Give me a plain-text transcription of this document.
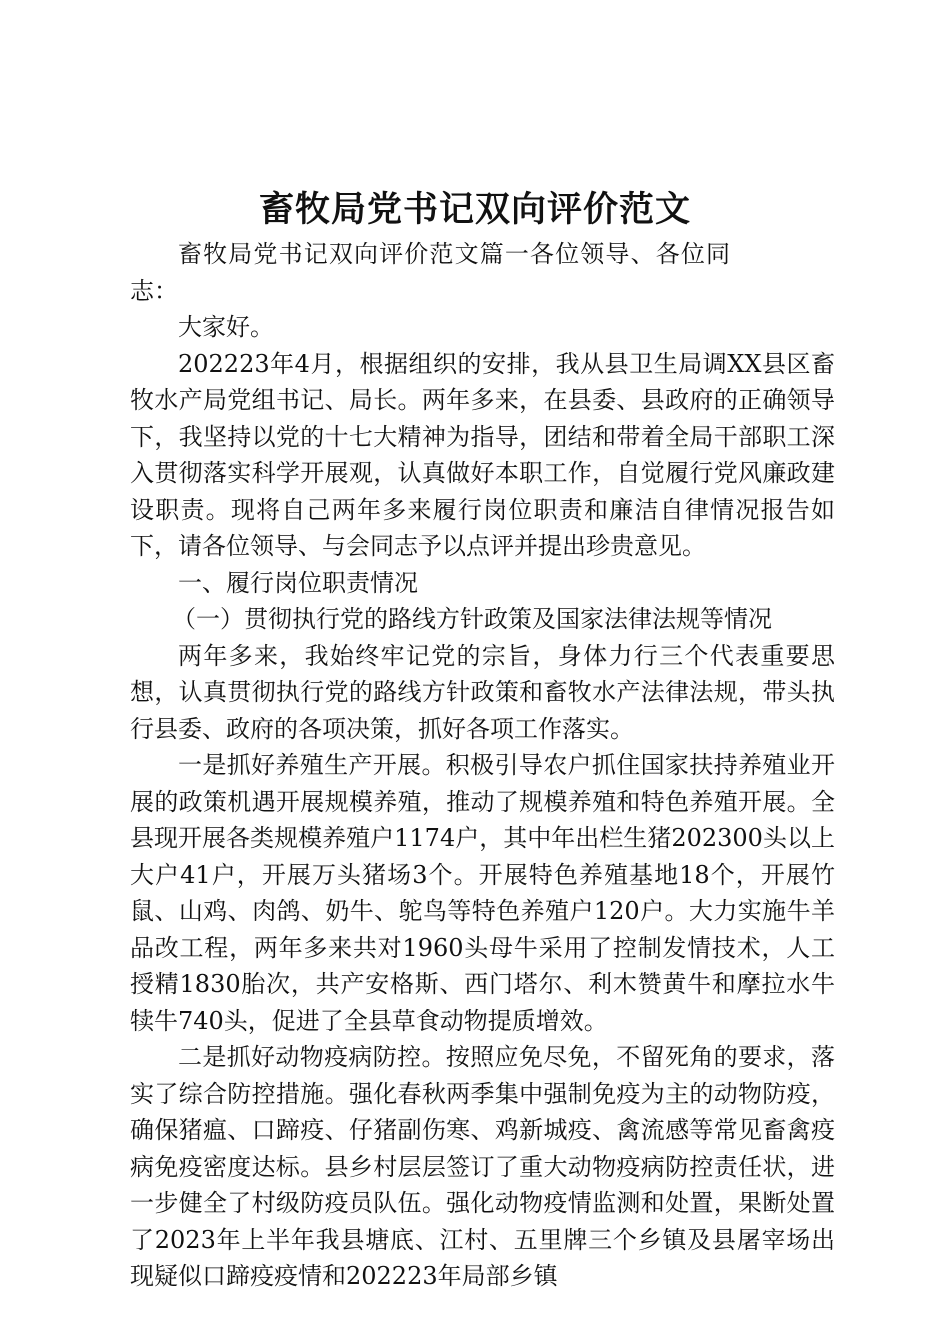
畜牧局党书记双向评价范文

畜牧局党书记双向评价范文篇一各位领导、各位同志：

大家好。

202223年4月，根据组织的安排，我从县卫生局调XX县区畜牧水产局党组书记、局长。两年多来，在县委、县政府的正确领导下，我坚持以党的十七大精神为指导，团结和带着全局干部职工深入贯彻落实科学开展观，认真做好本职工作，自觉履行党风廉政建设职责。现将自己两年多来履行岗位职责和廉洁自律情况报告如下，请各位领导、与会同志予以点评并提出珍贵意见。

一、履行岗位职责情况

（一）贯彻执行党的路线方针政策及国家法律法规等情况

两年多来，我始终牢记党的宗旨，身体力行三个代表重要思想，认真贯彻执行党的路线方针政策和畜牧水产法律法规，带头执行县委、政府的各项决策，抓好各项工作落实。

一是抓好养殖生产开展。积极引导农户抓住国家扶持养殖业开展的政策机遇开展规模养殖，推动了规模养殖和特色养殖开展。全县现开展各类规模养殖户1174户，其中年出栏生猪202300头以上大户41户，开展万头猪场3个。开展特色养殖基地18个，开展竹鼠、山鸡、肉鸽、奶牛、鸵鸟等特色养殖户120户。大力实施牛羊品改工程，两年多来共对1960头母牛采用了控制发情技术，人工授精1830胎次，共产安格斯、西门塔尔、利木赞黄牛和摩拉水牛犊牛740头，促进了全县草食动物提质增效。

二是抓好动物疫病防控。按照应免尽免，不留死角的要求，落实了综合防控措施。强化春秋两季集中强制免疫为主的动物防疫，确保猪瘟、口蹄疫、仔猪副伤寒、鸡新城疫、禽流感等常见畜禽疫病免疫密度达标。县乡村层层签订了重大动物疫病防控责任状，进一步健全了村级防疫员队伍。强化动物疫情监测和处置，果断处置了2023年上半年我县塘底、江村、五里牌三个乡镇及县屠宰场出现疑似口蹄疫疫情和202223年局部乡镇
